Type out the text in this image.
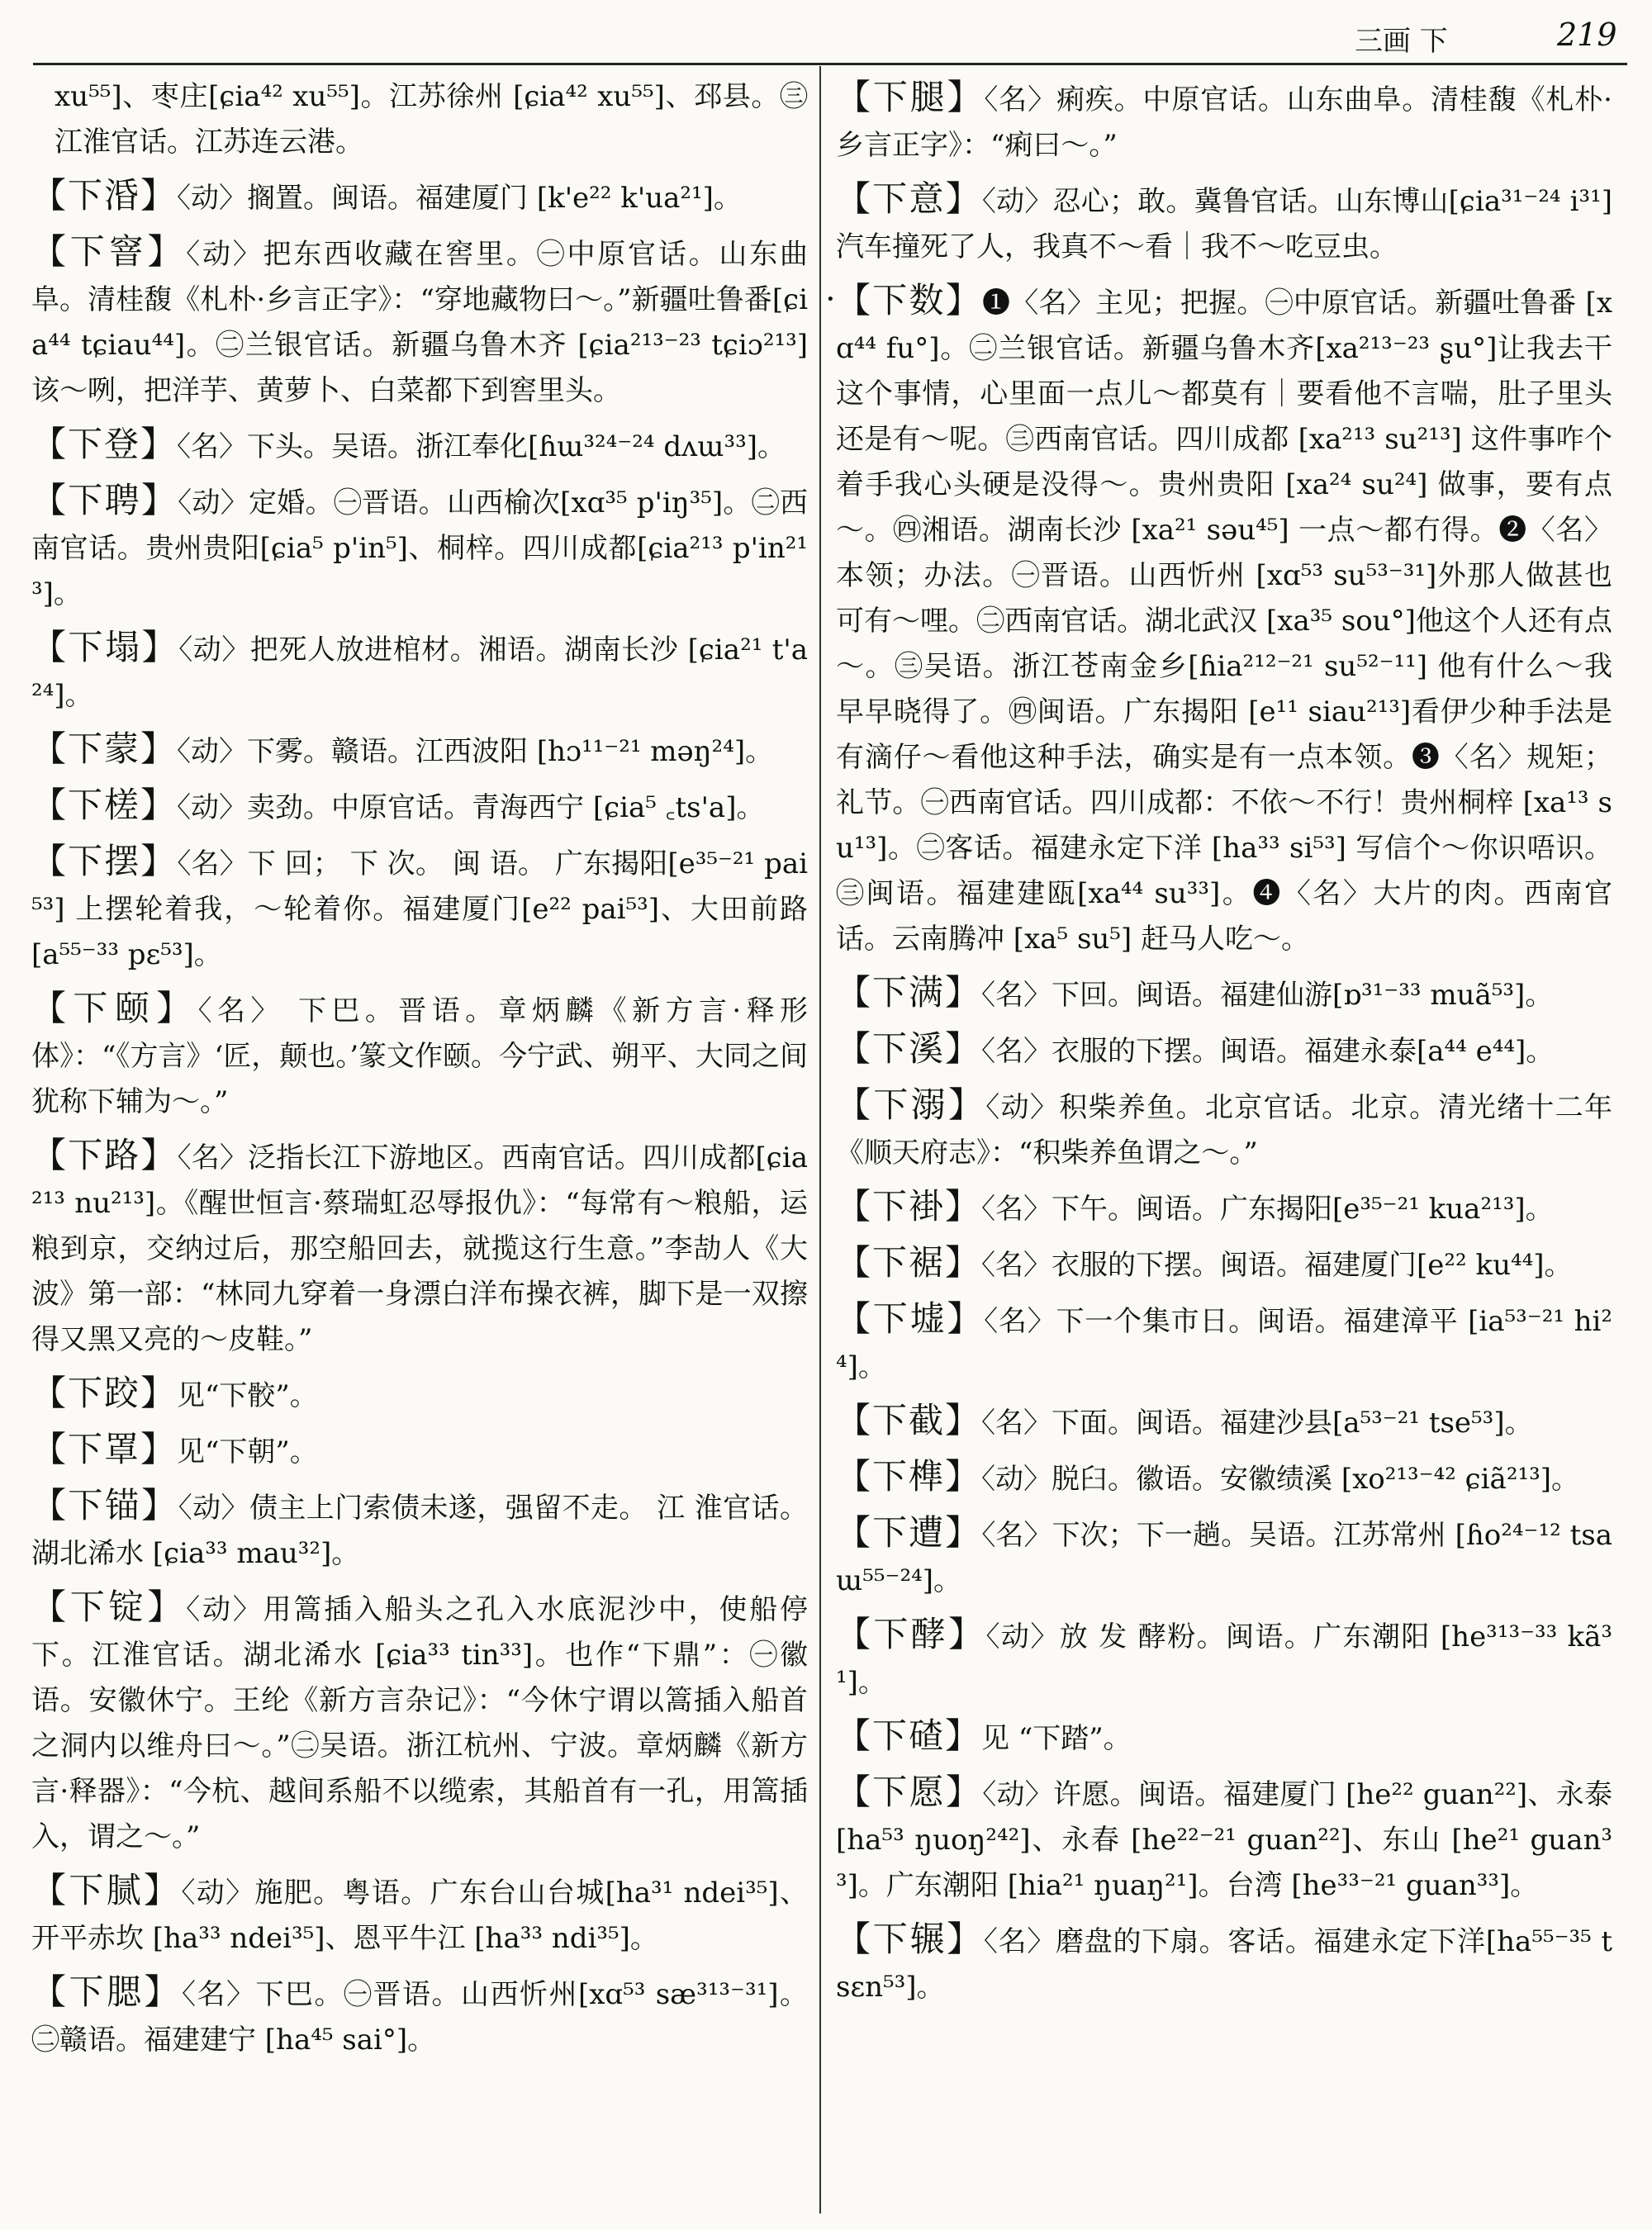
三画 下	219
•

xu⁵⁵]、枣庄[ɕia⁴² xu⁵⁵]。江苏徐州 [ɕia⁴² xu⁵⁵]、邳县。㊂江淮官话。江苏连云港。

【下涽】〈动〉搁置。闽语。福建厦门 [k'e²² k'ua²¹]。

【下窨】〈动〉把东西收藏在窖里。㊀中原官话。山东曲阜。清桂馥《札朴·乡言正字》：“穿地藏物曰～。”新疆吐鲁番[ɕia⁴⁴ tɕiau⁴⁴]。㊁兰银官话。新疆乌鲁木齐 [ɕia²¹³⁻²³ tɕiɔ²¹³]该～咧，把洋芋、黄萝卜、白菜都下到窖里头。

【下登】〈名〉下头。吴语。浙江奉化[ɦɯ³²⁴⁻²⁴ dʌɯ³³]。

【下聘】〈动〉定婚。㊀晋语。山西榆次[xɑ³⁵ p'iŋ³⁵]。㊁西南官话。贵州贵阳[ɕia⁵ p'in⁵]、桐梓。四川成都[ɕia²¹³ p'in²¹³]。

【下塌】〈动〉把死人放进棺材。湘语。湖南长沙 [ɕia²¹ t'a²⁴]。

【下蒙】〈动〉下雾。赣语。江西波阳 [hɔ¹¹⁻²¹ məŋ²⁴]。

【下槎】〈动〉卖劲。中原官话。青海西宁 [ɕia⁵ ꜀ts'a]。

【下摆】〈名〉下 回； 下 次。 闽 语。 广东揭阳[e³⁵⁻²¹ pai⁵³] 上摆轮着我，～轮着你。福建厦门[e²² pai⁵³]、大田前路 [a⁵⁵⁻³³ pɛ⁵³]。

【下颐】〈名〉 下巴。晋语。章炳麟《新方言·释形体》：“《方言》‘匠，颠也。’篆文作颐。今宁武、朔平、大同之间犹称下辅为～。”

【下路】〈名〉泛指长江下游地区。西南官话。四川成都[ɕia²¹³ nu²¹³]。《醒世恒言·蔡瑞虹忍辱报仇》：“每常有～粮船，运粮到京，交纳过后，那空船回去，就揽这行生意。”李劼人《大波》第一部：“林同九穿着一身漂白洋布操衣裤，脚下是一双擦得又黑又亮的～皮鞋。”

【下跤】见“下骹”。

【下罩】见“下朝”。

【下锚】〈动〉债主上门索债未遂，强留不走。 江 淮官话。湖北浠水 [ɕia³³ mau³²]。

【下锭】〈动〉用篙插入船头之孔入水底泥沙中，使船停下。江淮官话。湖北浠水 [ɕia³³ tin³³]。也作“下鼎”：㊀徽语。安徽休宁。王纶《新方言杂记》：“今休宁谓以篙插入船首之洞内以维舟曰～。”㊁吴语。浙江杭州、宁波。章炳麟《新方言·释器》：“今杭、越间系船不以缆索，其船首有一孔，用篙插入，谓之～。”

【下腻】〈动〉施肥。粤语。广东台山台城[ha³¹ ndei³⁵]、开平赤坎 [ha³³ ndei³⁵]、恩平牛江 [ha³³ ndi³⁵]。

【下腮】〈名〉下巴。㊀晋语。山西忻州[xɑ⁵³ sæ³¹³⁻³¹]。㊁赣语。福建建宁 [ha⁴⁵ sai°]。

【下腿】〈名〉痢疾。中原官话。山东曲阜。清桂馥《札朴·乡言正字》：“痢曰～。”

【下意】〈动〉忍心；敢。冀鲁官话。山东博山[ɕia³¹⁻²⁴ i³¹] 汽车撞死了人，我真不～看｜我不～吃豆虫。

【下数】❶〈名〉主见；把握。㊀中原官话。新疆吐鲁番 [xɑ⁴⁴ fu°]。㊁兰银官话。新疆乌鲁木齐[xa²¹³⁻²³ ʂu°]让我去干这个事情，心里面一点儿～都莫有｜要看他不言喘，肚子里头还是有～呢。㊂西南官话。四川成都 [xa²¹³ su²¹³] 这件事咋个着手我心头硬是没得～。贵州贵阳 [xa²⁴ su²⁴] 做事，要有点～。㊃湘语。湖南长沙 [xa²¹ səu⁴⁵] 一点～都冇得。❷〈名〉本领；办法。㊀晋语。山西忻州 [xɑ⁵³ su⁵³⁻³¹]外那人做甚也可有～哩。㊁西南官话。湖北武汉 [xa³⁵ sou°]他这个人还有点～。㊂吴语。浙江苍南金乡[ɦia²¹²⁻²¹ su⁵²⁻¹¹] 他有什么～我早早晓得了。㊃闽语。广东揭阳 [e¹¹ siau²¹³]看伊少种手法是有滴仔～看他这种手法，确实是有一点本领。❸〈名〉规矩；礼节。㊀西南官话。四川成都：不依～不行！贵州桐梓 [xa¹³ su¹³]。㊁客话。福建永定下洋 [ha³³ si⁵³] 写信个～你识唔识。㊂闽语。福建建瓯[xa⁴⁴ su³³]。❹〈名〉大片的肉。西南官话。云南腾冲 [xa⁵ su⁵] 赶马人吃～。

【下满】〈名〉下回。闽语。福建仙游[ɒ³¹⁻³³ muã⁵³]。

【下溪】〈名〉衣服的下摆。闽语。福建永泰[a⁴⁴ e⁴⁴]。

【下溺】〈动〉积柴养鱼。北京官话。北京。清光绪十二年《顺天府志》：“积柴养鱼谓之～。”

【下褂】〈名〉下午。闽语。广东揭阳[e³⁵⁻²¹ kua²¹³]。

【下裾】〈名〉衣服的下摆。闽语。福建厦门[e²² ku⁴⁴]。

【下墟】〈名〉下一个集市日。闽语。福建漳平 [ia⁵³⁻²¹ hi²⁴]。

【下截】〈名〉下面。闽语。福建沙县[a⁵³⁻²¹ tse⁵³]。

【下榫】〈动〉脱臼。徽语。安徽绩溪 [xo²¹³⁻⁴² ɕiã²¹³]。

【下遭】〈名〉下次；下一趟。吴语。江苏常州 [ɦo²⁴⁻¹² tsaɯ⁵⁵⁻²⁴]。

【下酵】〈动〉放 发 酵粉。闽语。广东潮阳 [he³¹³⁻³³ kã³¹]。

【下碴】见 “下踏”。

【下愿】〈动〉许愿。闽语。福建厦门 [he²² guan²²]、永泰 [ha⁵³ ŋuoŋ²⁴²]、永春 [he²²⁻²¹ guan²²]、东山 [he²¹ guan³³]。广东潮阳 [hia²¹ ŋuaŋ²¹]。台湾 [he³³⁻²¹ guan³³]。

【下辗】〈名〉磨盘的下扇。客话。福建永定下洋[ha⁵⁵⁻³⁵ tsɛn⁵³]。
